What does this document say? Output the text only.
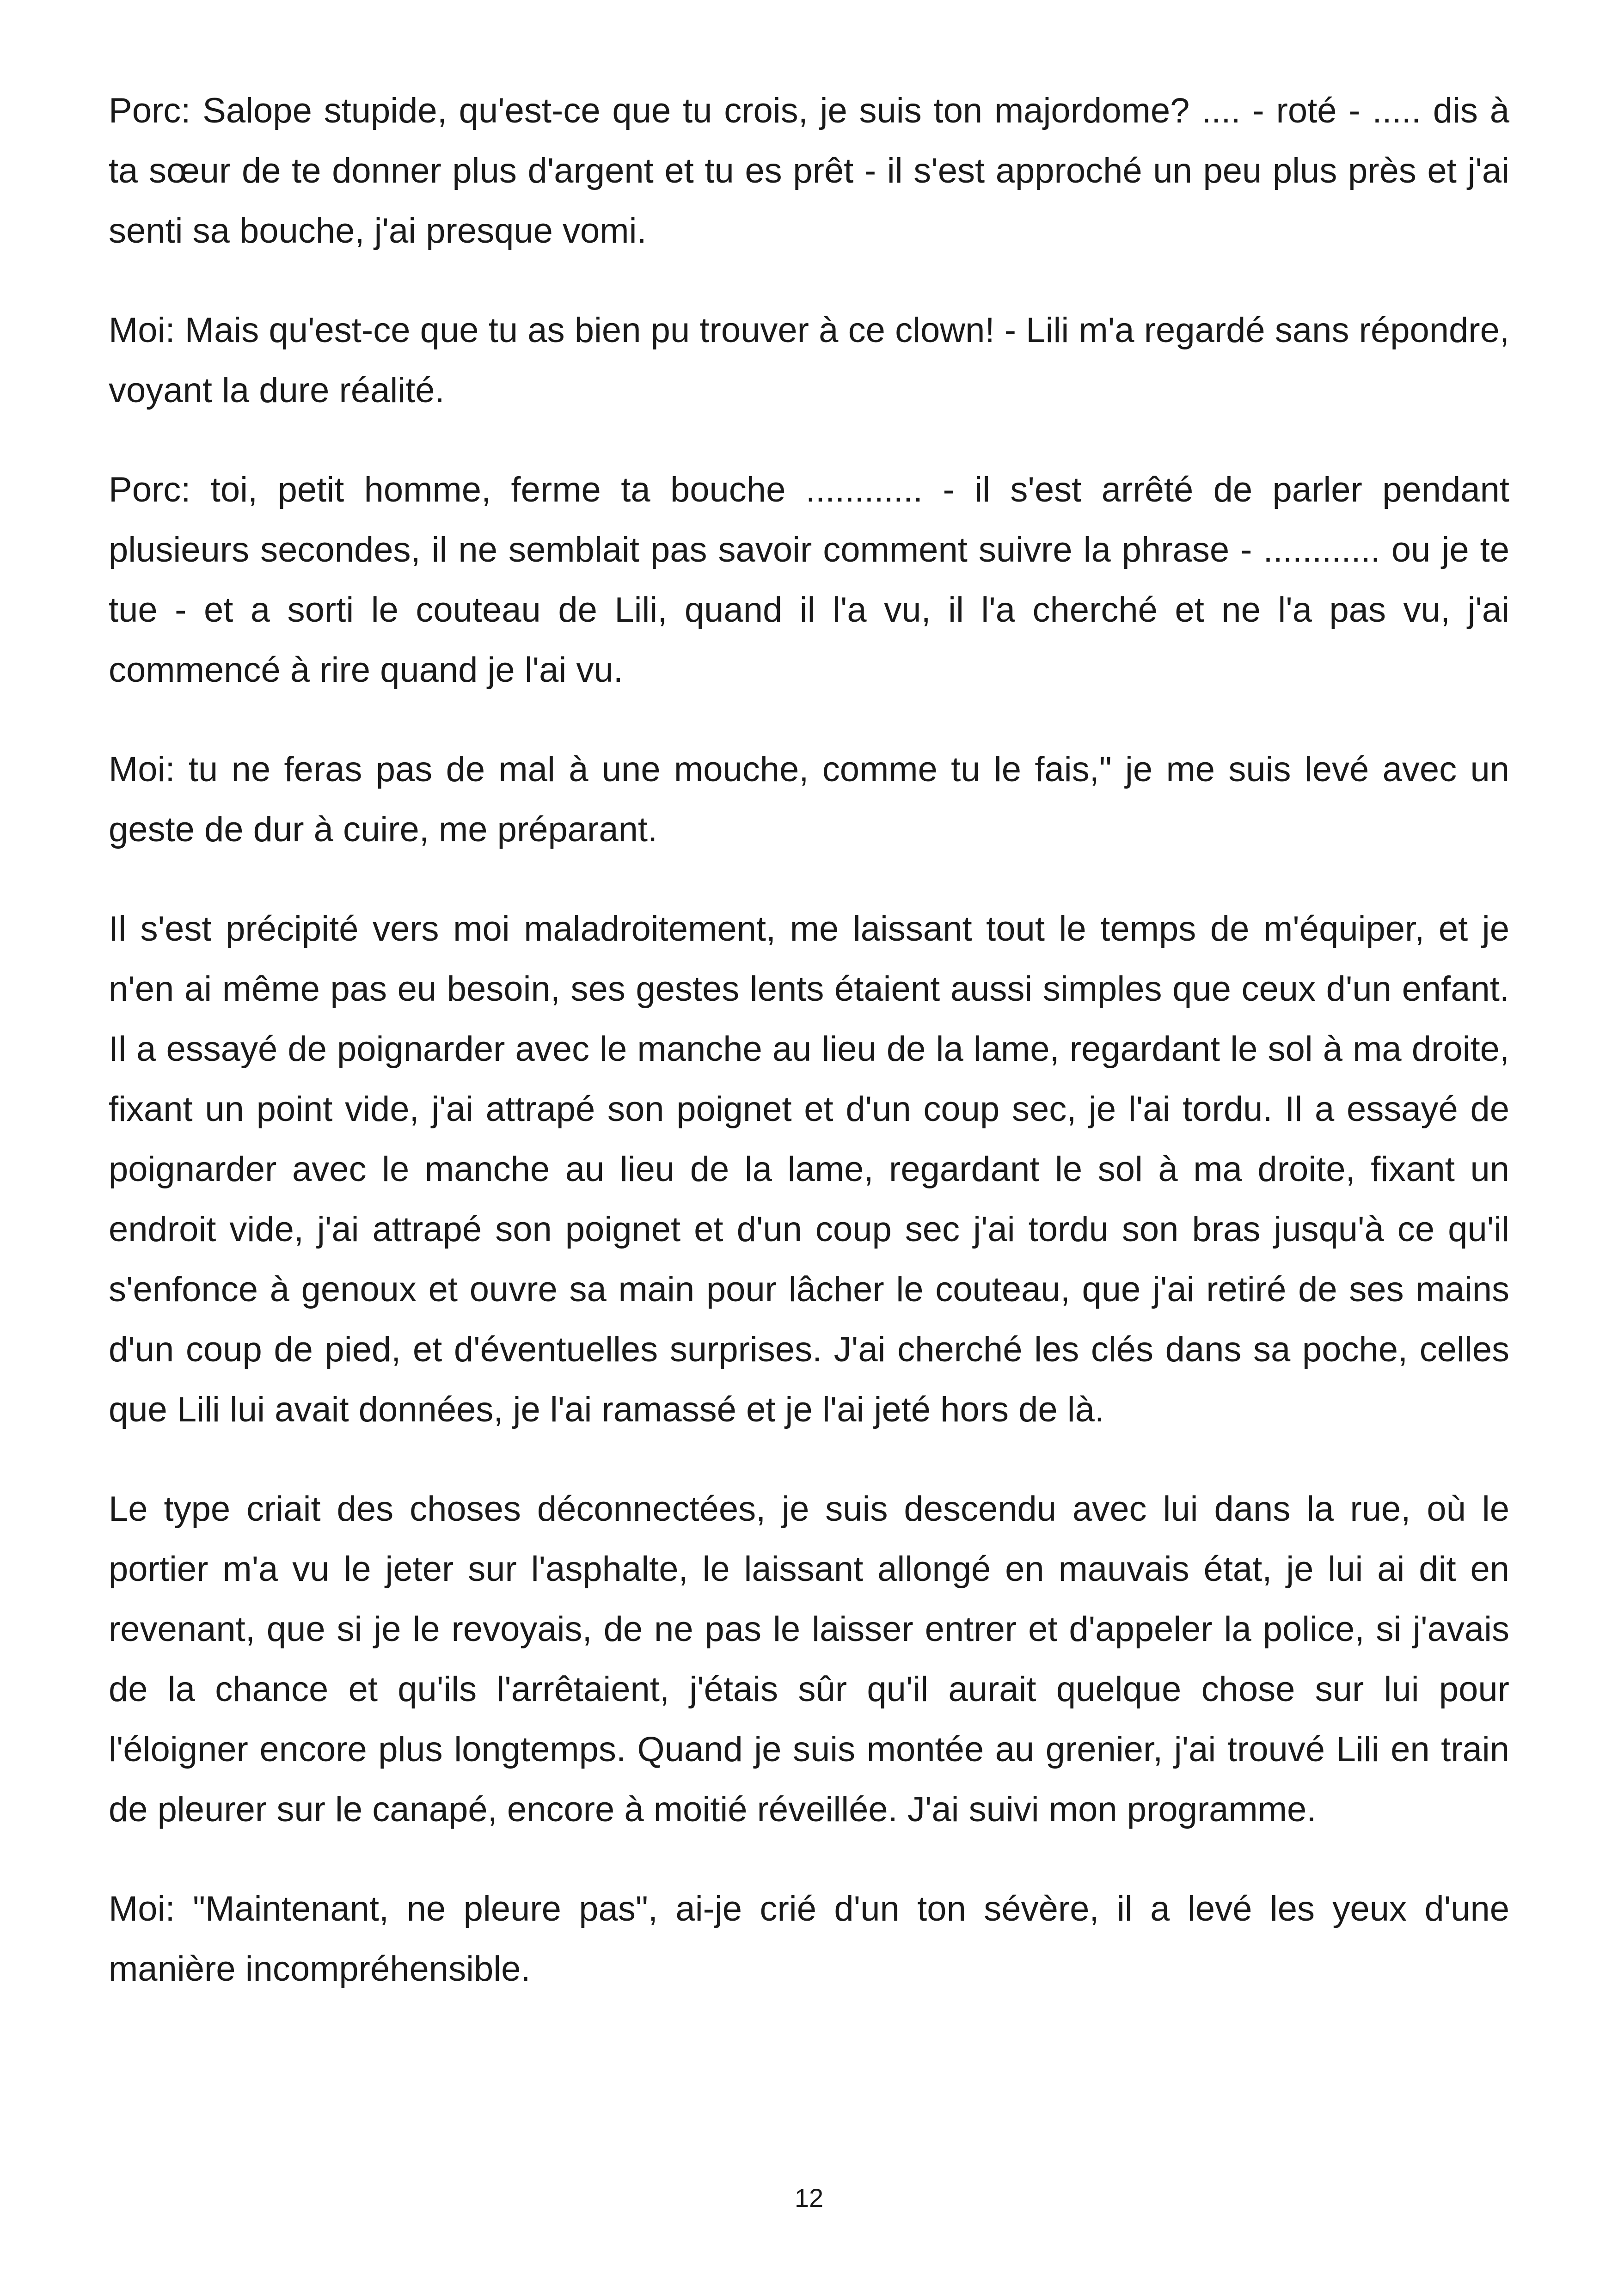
Porc: Salope stupide, qu'est-ce que tu crois, je suis ton majordome? .... - roté - ..... dis à ta sœur de te donner plus d'argent et tu es prêt - il s'est approché un peu plus près et j'ai senti sa bouche, j'ai presque vomi.

Moi: Mais qu'est-ce que tu as bien pu trouver à ce clown! - Lili m'a regardé sans répondre, voyant la dure réalité.

Porc: toi, petit homme, ferme ta bouche ............ - il s'est arrêté de parler pendant plusieurs secondes, il ne semblait pas savoir comment suivre la phrase - ............ ou je te tue - et a sorti le couteau de Lili, quand il l'a vu, il l'a cherché et ne l'a pas vu, j'ai commencé à rire quand je l'ai vu.

Moi: tu ne feras pas de mal à une mouche, comme tu le fais," je me suis levé avec un geste de dur à cuire, me préparant.

Il s'est précipité vers moi maladroitement, me laissant tout le temps de m'équiper, et je n'en ai même pas eu besoin, ses gestes lents étaient aussi simples que ceux d'un enfant. Il a essayé de poignarder avec le manche au lieu de la lame, regardant le sol à ma droite, fixant un point vide, j'ai attrapé son poignet et d'un coup sec, je l'ai tordu. Il a essayé de poignarder avec le manche au lieu de la lame, regardant le sol à ma droite, fixant un endroit vide, j'ai attrapé son poignet et d'un coup sec j'ai tordu son bras jusqu'à ce qu'il s'enfonce à genoux et ouvre sa main pour lâcher le couteau, que j'ai retiré de ses mains d'un coup de pied, et d'éventuelles surprises. J'ai cherché les clés dans sa poche, celles que Lili lui avait données, je l'ai ramassé et je l'ai jeté hors de là.

Le type criait des choses déconnectées, je suis descendu avec lui dans la rue, où le portier m'a vu le jeter sur l'asphalte, le laissant allongé en mauvais état, je lui ai dit en revenant, que si je le revoyais, de ne pas le laisser entrer et d'appeler la police, si j'avais de la chance et qu'ils l'arrêtaient, j'étais sûr qu'il aurait quelque chose sur lui pour l'éloigner encore plus longtemps. Quand je suis montée au grenier, j'ai trouvé Lili en train de pleurer sur le canapé, encore à moitié réveillée. J'ai suivi mon programme.

Moi: "Maintenant, ne pleure pas", ai-je crié d'un ton sévère, il a levé les yeux d'une manière incompréhensible.

12
